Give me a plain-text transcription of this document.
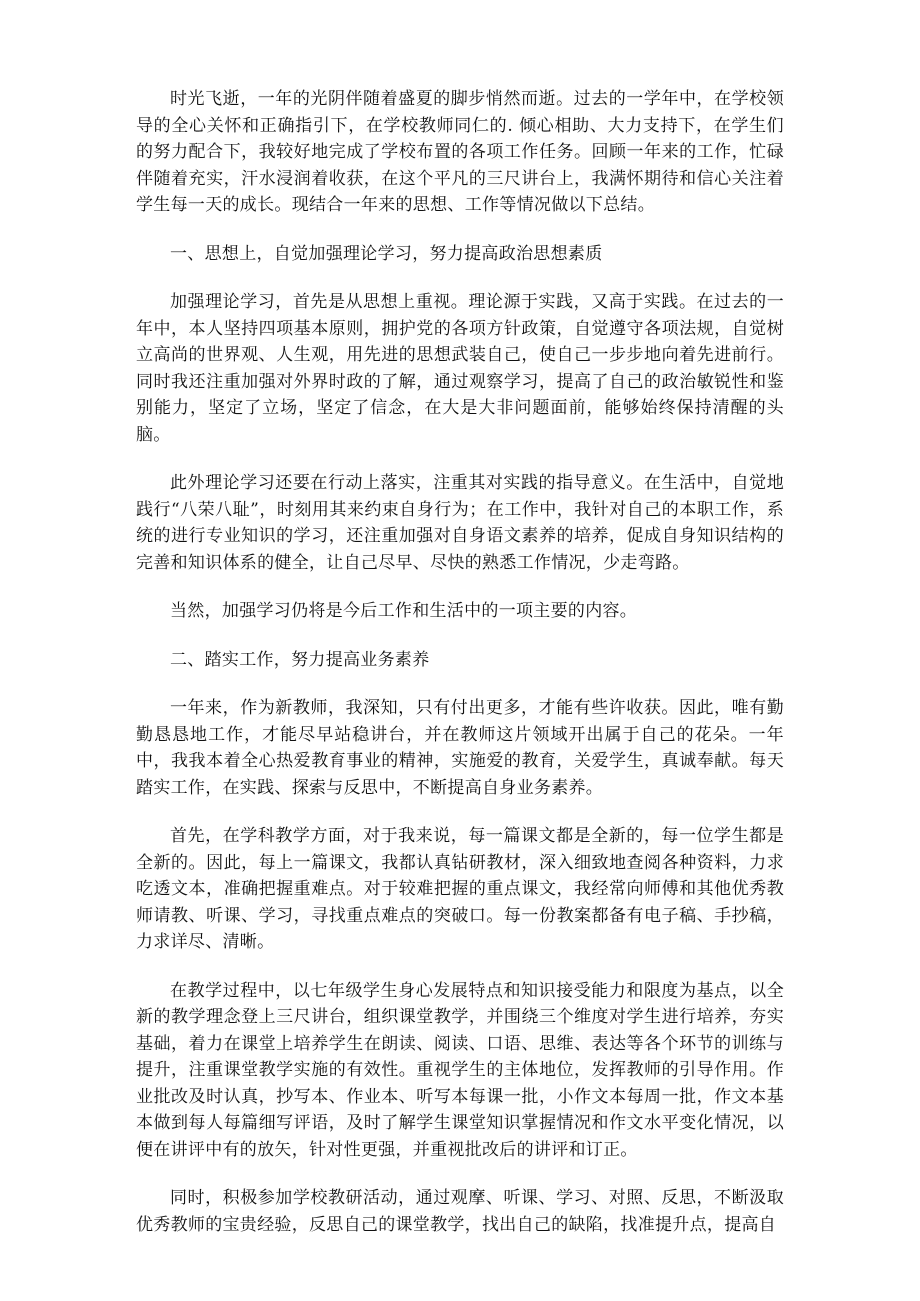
时光飞逝，一年的光阴伴随着盛夏的脚步悄然而逝。过去的一学年中，在学校领导的全心关怀和正确指引下，在学校教师同仁的. 倾心相助、大力支持下，在学生们的努力配合下，我较好地完成了学校布置的各项工作任务。回顾一年来的工作，忙碌伴随着充实，汗水浸润着收获，在这个平凡的三尺讲台上，我满怀期待和信心关注着学生每一天的成长。现结合一年来的思想、工作等情况做以下总结。

一、思想上，自觉加强理论学习，努力提高政治思想素质

加强理论学习，首先是从思想上重视。理论源于实践，又高于实践。在过去的一年中，本人坚持四项基本原则，拥护党的各项方针政策，自觉遵守各项法规，自觉树立高尚的世界观、人生观，用先进的思想武装自己，使自己一步步地向着先进前行。同时我还注重加强对外界时政的了解，通过观察学习，提高了自己的政治敏锐性和鉴别能力，坚定了立场，坚定了信念，在大是大非问题面前，能够始终保持清醒的头脑。

此外理论学习还要在行动上落实，注重其对实践的指导意义。在生活中，自觉地践行“八荣八耻”，时刻用其来约束自身行为；在工作中，我针对自己的本职工作，系统的进行专业知识的学习，还注重加强对自身语文素养的培养，促成自身知识结构的完善和知识体系的健全，让自己尽早、尽快的熟悉工作情况，少走弯路。

当然，加强学习仍将是今后工作和生活中的一项主要的内容。

二、踏实工作，努力提高业务素养

一年来，作为新教师，我深知，只有付出更多，才能有些许收获。因此，唯有勤勤恳恳地工作，才能尽早站稳讲台，并在教师这片领域开出属于自己的花朵。一年中，我我本着全心热爱教育事业的精神，实施爱的教育，关爱学生，真诚奉献。每天踏实工作，在实践、探索与反思中，不断提高自身业务素养。

首先，在学科教学方面，对于我来说，每一篇课文都是全新的，每一位学生都是全新的。因此，每上一篇课文，我都认真钻研教材，深入细致地查阅各种资料，力求吃透文本，准确把握重难点。对于较难把握的重点课文，我经常向师傅和其他优秀教师请教、听课、学习，寻找重点难点的突破口。每一份教案都备有电子稿、手抄稿，力求详尽、清晰。

在教学过程中，以七年级学生身心发展特点和知识接受能力和限度为基点，以全新的教学理念登上三尺讲台，组织课堂教学，并围绕三个维度对学生进行培养，夯实基础，着力在课堂上培养学生在朗读、阅读、口语、思维、表达等各个环节的训练与提升，注重课堂教学实施的有效性。重视学生的主体地位，发挥教师的引导作用。作业批改及时认真，抄写本、作业本、听写本每课一批，小作文本每周一批，作文本基本做到每人每篇细写评语，及时了解学生课堂知识掌握情况和作文水平变化情况，以便在讲评中有的放矢，针对性更强，并重视批改后的讲评和订正。

同时，积极参加学校教研活动，通过观摩、听课、学习、对照、反思，不断汲取优秀教师的宝贵经验，反思自己的课堂教学，找出自己的缺陷，找准提升点，提高自
